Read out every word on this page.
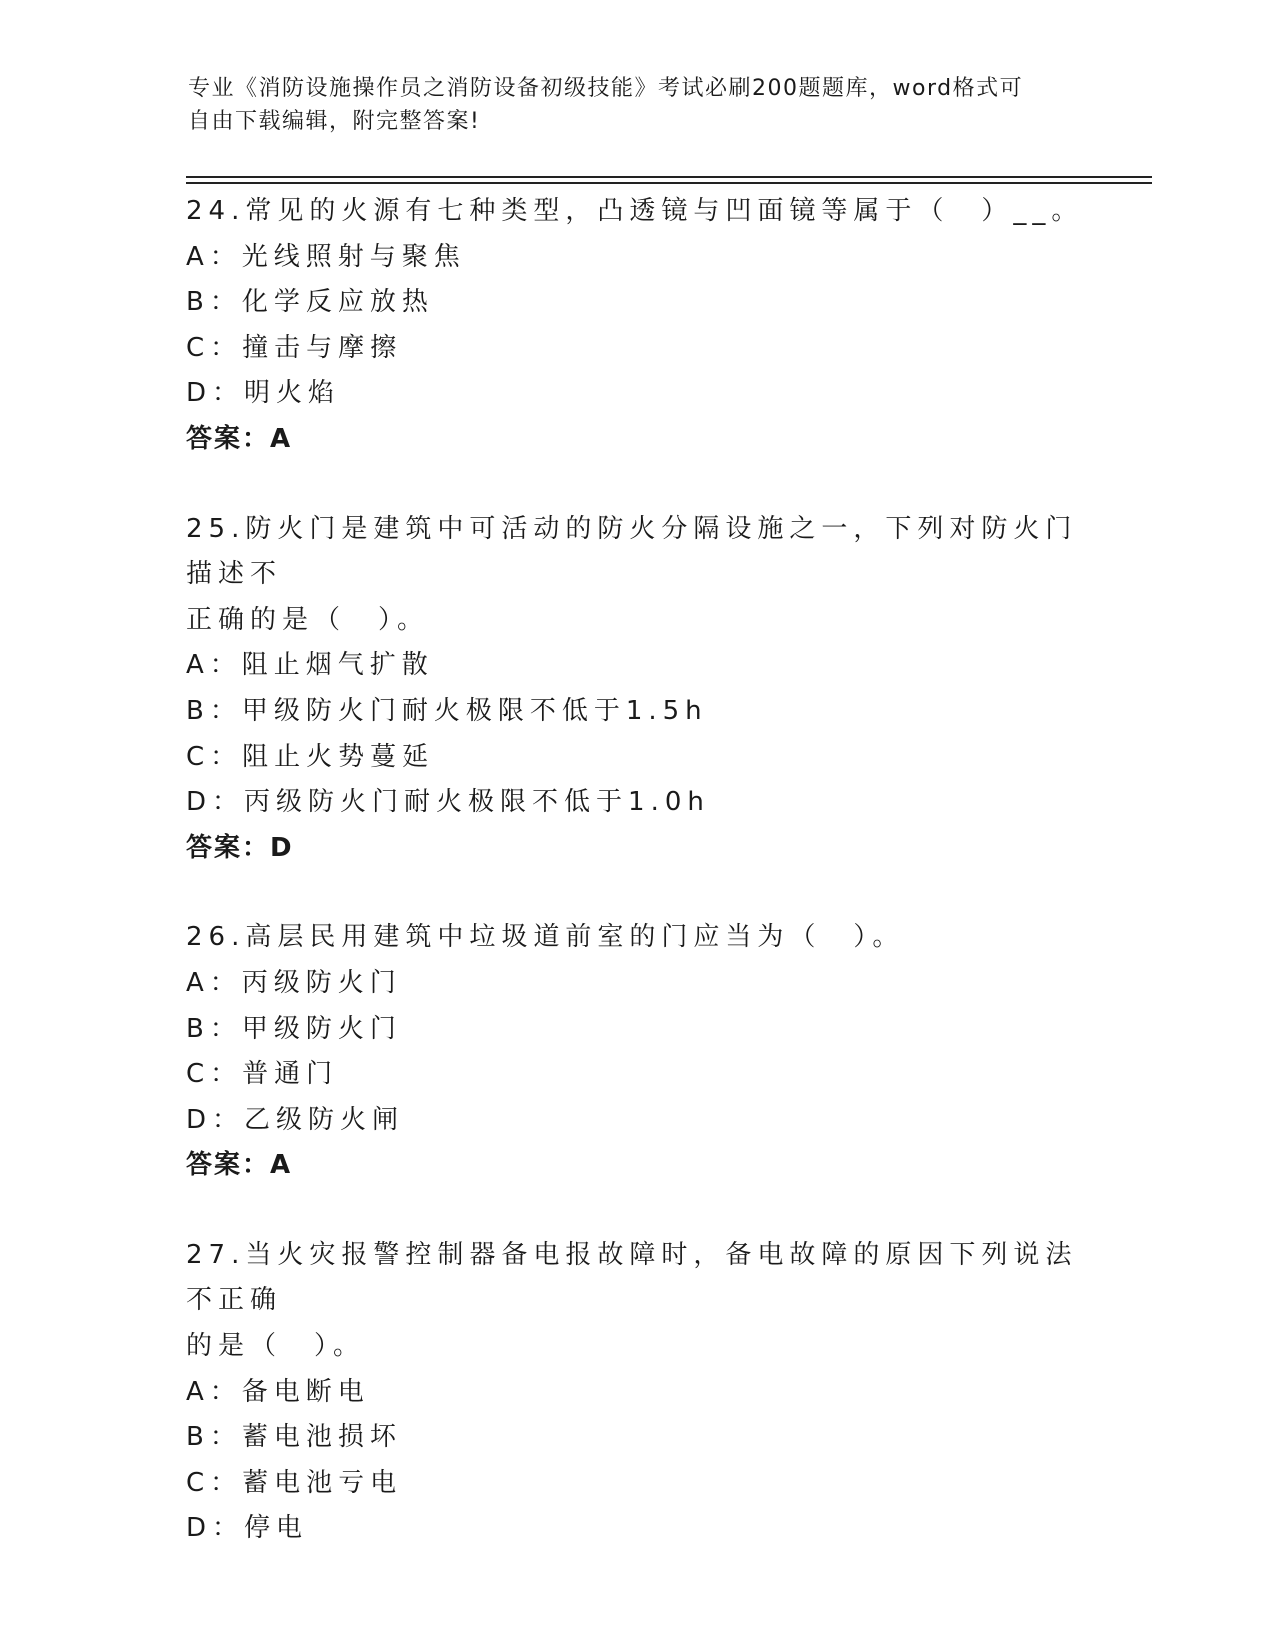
专业《消防设施操作员之消防设备初级技能》考试必刷200题题库，word格式可
自由下载编辑，附完整答案!
24.常见的火源有七种类型，凸透镜与凹面镜等属于（　）__。
A：光线照射与聚焦
B：化学反应放热
C：撞击与摩擦
D：明火焰
答案：A
25.防火门是建筑中可活动的防火分隔设施之一，下列对防火门描述不
正确的是（　）。
A：阻止烟气扩散
B：甲级防火门耐火极限不低于1.5h
C：阻止火势蔓延
D：丙级防火门耐火极限不低于1.0h
答案：D
26.高层民用建筑中垃圾道前室的门应当为（　）。
A：丙级防火门
B：甲级防火门
C：普通门
D：乙级防火闸
答案：A
27.当火灾报警控制器备电报故障时，备电故障的原因下列说法不正确
的是（　）。
A：备电断电
B：蓄电池损坏
C：蓄电池亏电
D：停电
